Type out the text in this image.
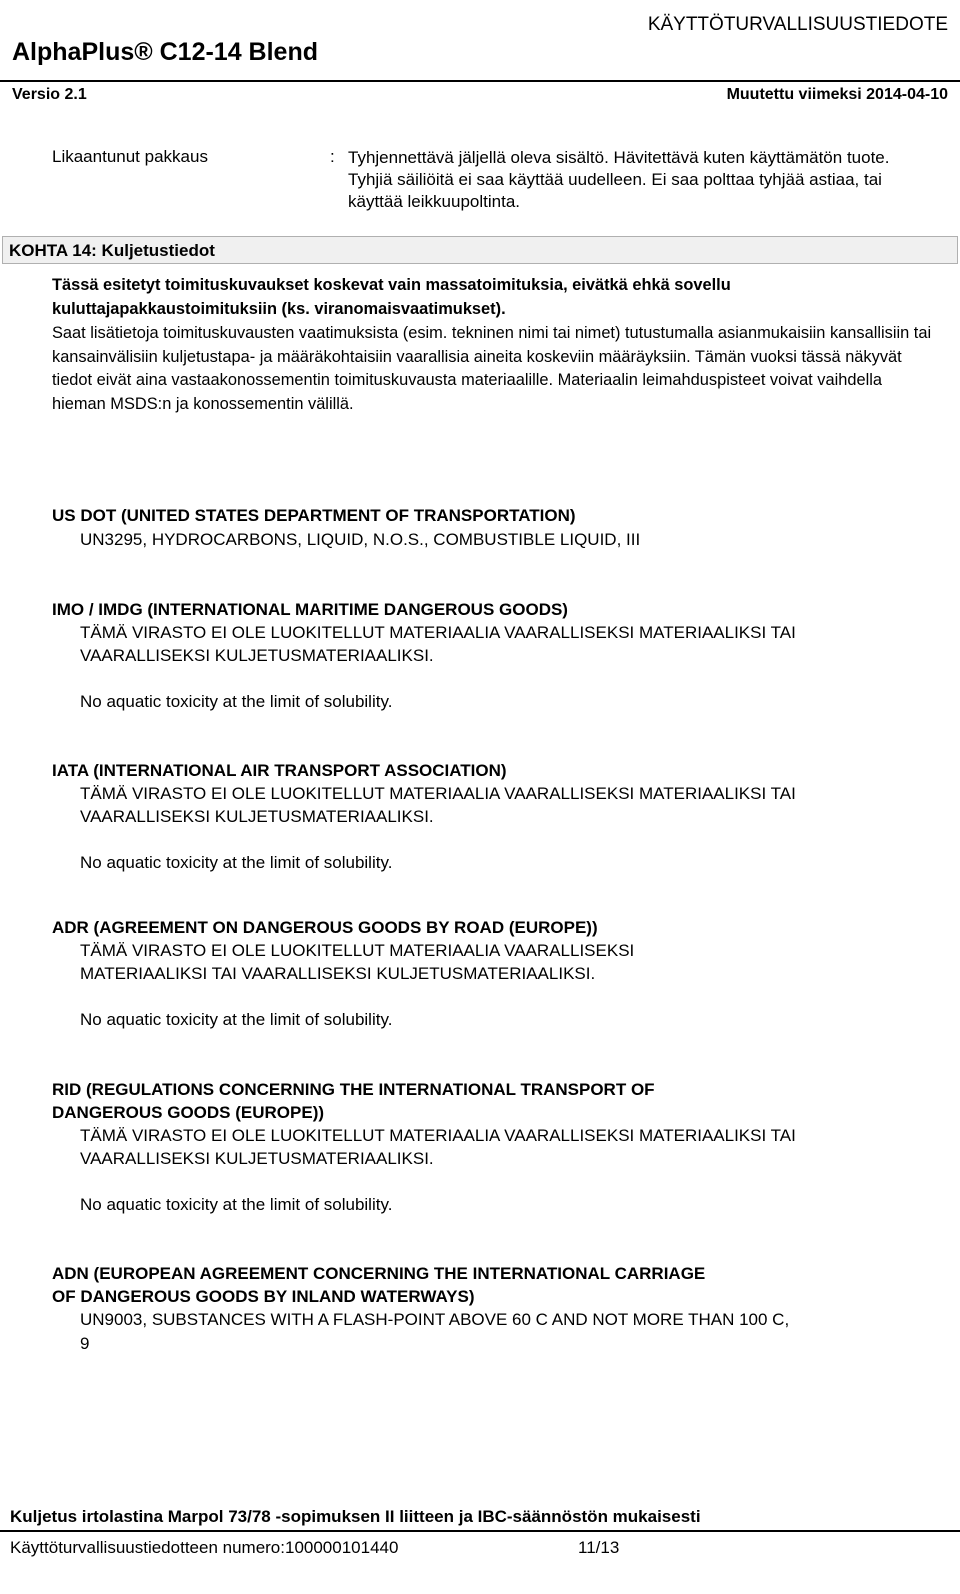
KÄYTTÖTURVALLISUUSTIEDOTE
AlphaPlus® C12-14 Blend
Versio 2.1	Muutettu viimeksi 2014-04-10
Likaantunut pakkaus	: Tyhjennettävä jäljellä oleva sisältö. Hävitettävä kuten käyttämätön tuote. Tyhjiä säiliöitä ei saa käyttää uudelleen. Ei saa polttaa tyhjää astiaa, tai käyttää leikkuupoltinta.
KOHTA 14: Kuljetustiedot
Tässä esitetyt toimituskuvaukset koskevat vain massatoimituksia, eivätkä ehkä sovellu kuluttajapakkaustoimituksiin (ks. viranomaisvaatimukset).
Saat lisätietoja toimituskuvausten vaatimuksista (esim. tekninen nimi tai nimet) tutustumalla asianmukaisiin kansallisiin tai kansainvälisiin kuljetustapa- ja määräkohtaisiin vaarallisia aineita koskeviin määräyksiin. Tämän vuoksi tässä näkyvät tiedot eivät aina vastaakonossementin toimituskuvausta materiaalille. Materiaalin leimahduspisteet voivat vaihdella hieman MSDS:n ja konossementin välillä.
US DOT (UNITED STATES DEPARTMENT OF TRANSPORTATION)
UN3295, HYDROCARBONS, LIQUID, N.O.S., COMBUSTIBLE LIQUID, III
IMO / IMDG (INTERNATIONAL MARITIME DANGEROUS GOODS)
TÄMÄ VIRASTO EI OLE LUOKITELLUT MATERIAALIA VAARALLISEKSI MATERIAALIKSI TAI
VAARALLISEKSI KULJETUSMATERIAALIKSI.
No aquatic toxicity at the limit of solubility.
IATA (INTERNATIONAL AIR TRANSPORT ASSOCIATION)
TÄMÄ VIRASTO EI OLE LUOKITELLUT MATERIAALIA VAARALLISEKSI MATERIAALIKSI TAI
VAARALLISEKSI KULJETUSMATERIAALIKSI.
No aquatic toxicity at the limit of solubility.
ADR (AGREEMENT ON DANGEROUS GOODS BY ROAD (EUROPE))
TÄMÄ VIRASTO EI OLE LUOKITELLUT MATERIAALIA VAARALLISEKSI
MATERIAALIKSI TAI VAARALLISEKSI KULJETUSMATERIAALIKSI.
No aquatic toxicity at the limit of solubility.
RID (REGULATIONS CONCERNING THE INTERNATIONAL TRANSPORT OF
DANGEROUS GOODS (EUROPE))
TÄMÄ VIRASTO EI OLE LUOKITELLUT MATERIAALIA VAARALLISEKSI MATERIAALIKSI TAI
VAARALLISEKSI KULJETUSMATERIAALIKSI.
No aquatic toxicity at the limit of solubility.
ADN (EUROPEAN AGREEMENT CONCERNING THE INTERNATIONAL CARRIAGE
OF DANGEROUS GOODS BY INLAND WATERWAYS)
UN9003, SUBSTANCES WITH A FLASH-POINT ABOVE 60 C AND NOT MORE THAN 100 C,
9
Kuljetus irtolastina Marpol 73/78 -sopimuksen II liitteen ja IBC-säännöstön mukaisesti
Käyttöturvallisuustiedotteen numero:100000101440	11/13
